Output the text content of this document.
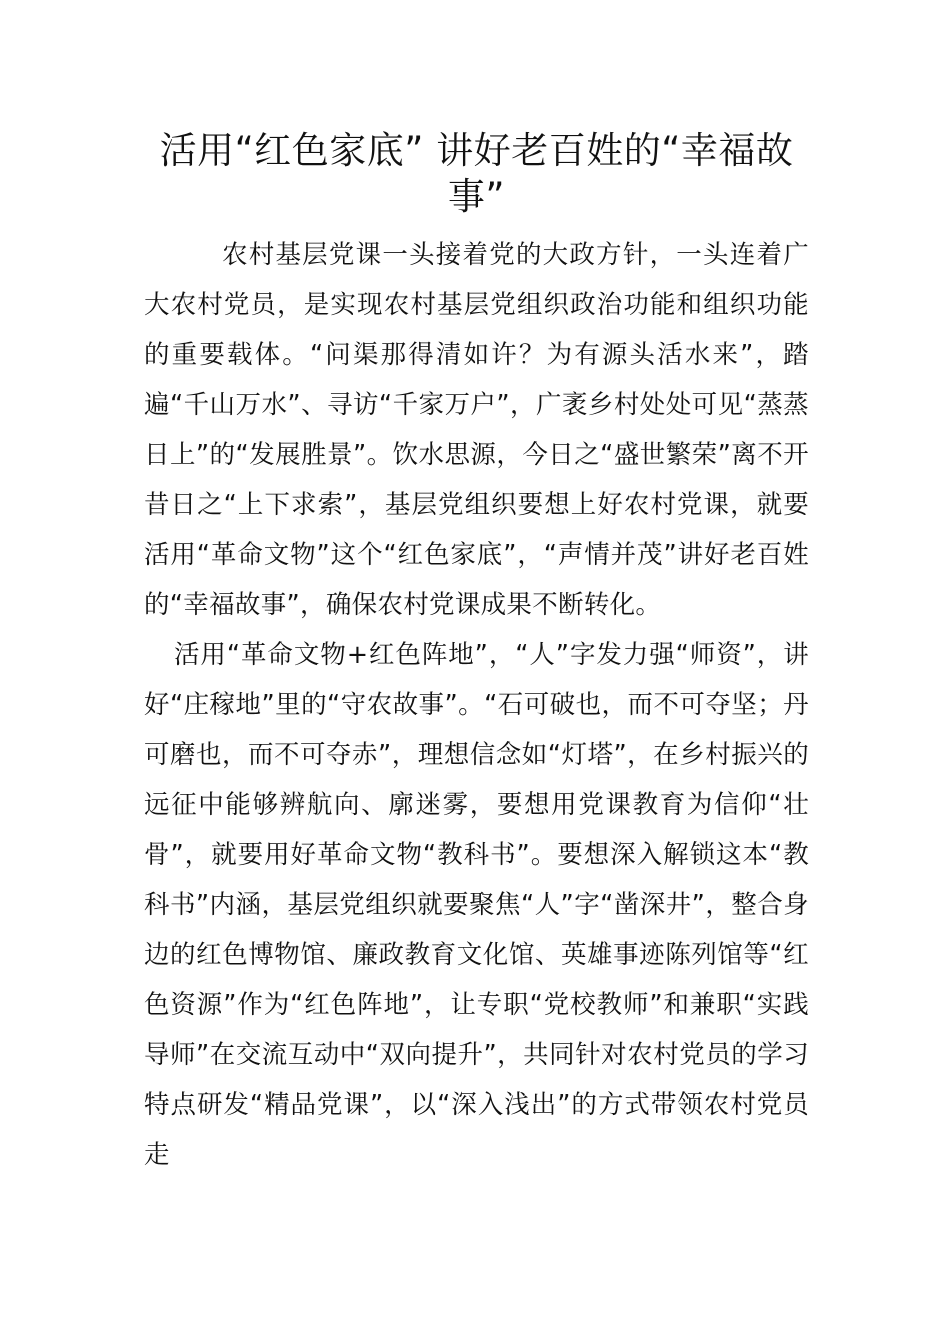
活用“红色家底” 讲好老百姓的“幸福故事”

农村基层党课一头接着党的大政方针，一头连着广大农村党员，是实现农村基层党组织政治功能和组织功能的重要载体。“问渠那得清如许？为有源头活水来”，踏遍“千山万水”、寻访“千家万户”，广袤乡村处处可见“蒸蒸日上”的“发展胜景”。饮水思源，今日之“盛世繁荣”离不开昔日之“上下求索”，基层党组织要想上好农村党课，就要活用“革命文物”这个“红色家底”，“声情并茂”讲好老百姓的“幸福故事”，确保农村党课成果不断转化。

活用“革命文物+红色阵地”，“人”字发力强“师资”，讲好“庄稼地”里的“守农故事”。“石可破也，而不可夺坚；丹可磨也，而不可夺赤”，理想信念如“灯塔”，在乡村振兴的远征中能够辨航向、廓迷雾，要想用党课教育为信仰“壮骨”，就要用好革命文物“教科书”。要想深入解锁这本“教科书”内涵，基层党组织就要聚焦“人”字“凿深井”，整合身边的红色博物馆、廉政教育文化馆、英雄事迹陈列馆等“红色资源”作为“红色阵地”，让专职“党校教师”和兼职“实践导师”在交流互动中“双向提升”，共同针对农村党员的学习特点研发“精品党课”，以“深入浅出”的方式带领农村党员走
